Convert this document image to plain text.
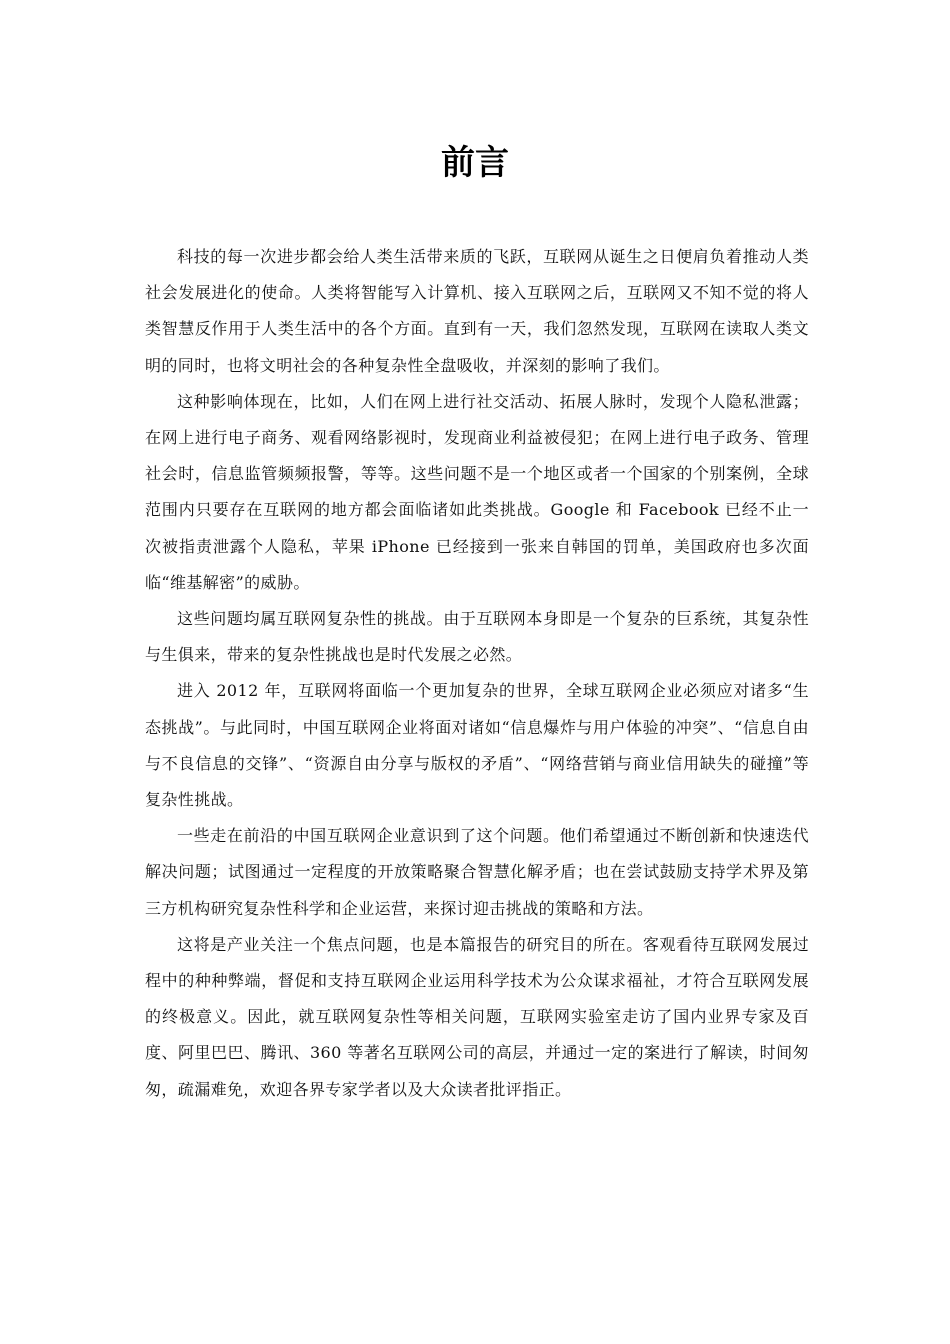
前言

科技的每一次进步都会给人类生活带来质的飞跃，互联网从诞生之日便肩负着推动人类社会发展进化的使命。人类将智能写入计算机、接入互联网之后，互联网又不知不觉的将人类智慧反作用于人类生活中的各个方面。直到有一天，我们忽然发现，互联网在读取人类文明的同时，也将文明社会的各种复杂性全盘吸收，并深刻的影响了我们。

这种影响体现在，比如，人们在网上进行社交活动、拓展人脉时，发现个人隐私泄露；在网上进行电子商务、观看网络影视时，发现商业利益被侵犯；在网上进行电子政务、管理社会时，信息监管频频报警，等等。这些问题不是一个地区或者一个国家的个别案例，全球范围内只要存在互联网的地方都会面临诸如此类挑战。Google 和 Facebook 已经不止一次被指责泄露个人隐私，苹果 iPhone 已经接到一张来自韩国的罚单，美国政府也多次面临“维基解密”的威胁。

这些问题均属互联网复杂性的挑战。由于互联网本身即是一个复杂的巨系统，其复杂性与生俱来，带来的复杂性挑战也是时代发展之必然。

进入 2012 年，互联网将面临一个更加复杂的世界，全球互联网企业必须应对诸多“生态挑战”。与此同时，中国互联网企业将面对诸如“信息爆炸与用户体验的冲突”、“信息自由与不良信息的交锋”、“资源自由分享与版权的矛盾”、“网络营销与商业信用缺失的碰撞”等复杂性挑战。

一些走在前沿的中国互联网企业意识到了这个问题。他们希望通过不断创新和快速迭代解决问题；试图通过一定程度的开放策略聚合智慧化解矛盾；也在尝试鼓励支持学术界及第三方机构研究复杂性科学和企业运营，来探讨迎击挑战的策略和方法。

这将是产业关注一个焦点问题，也是本篇报告的研究目的所在。客观看待互联网发展过程中的种种弊端，督促和支持互联网企业运用科学技术为公众谋求福祉，才符合互联网发展的终极意义。因此，就互联网复杂性等相关问题，互联网实验室走访了国内业界专家及百度、阿里巴巴、腾讯、360 等著名互联网公司的高层，并通过一定的案进行了解读，时间匆匆，疏漏难免，欢迎各界专家学者以及大众读者批评指正。
